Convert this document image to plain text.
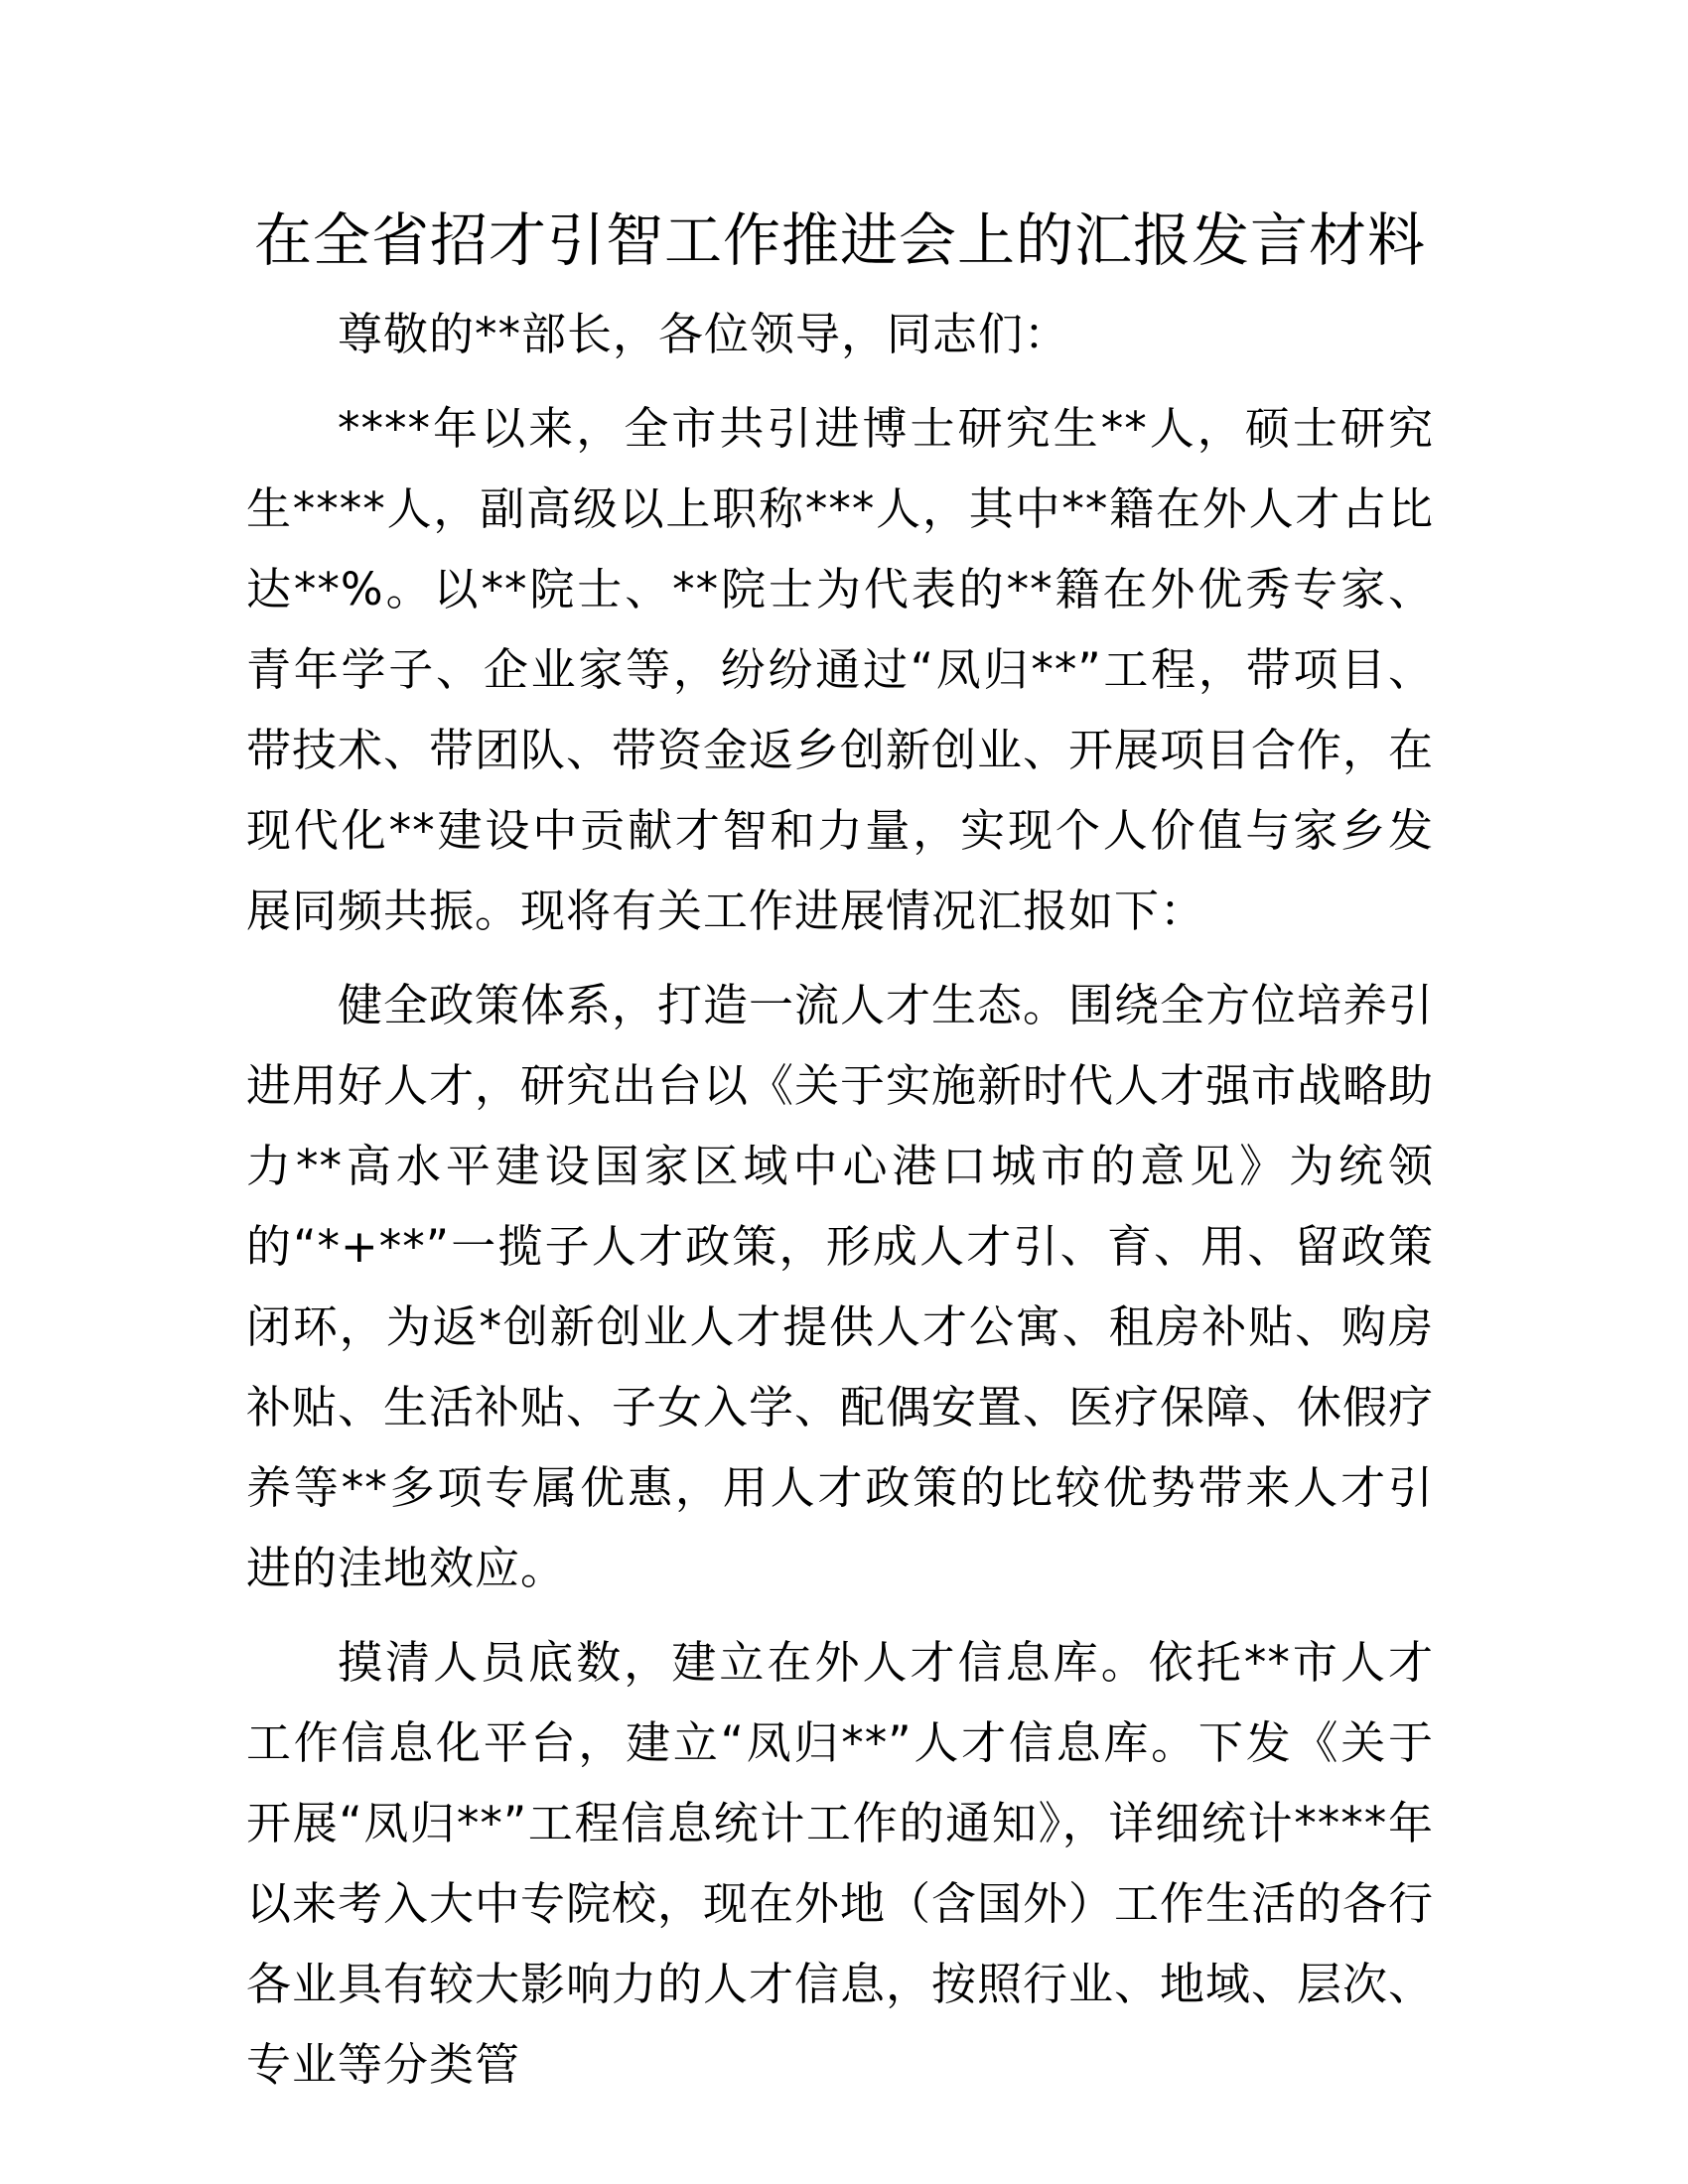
在全省招才引智工作推进会上的汇报发言材料

尊敬的**部长，各位领导，同志们：

****年以来，全市共引进博士研究生**人，硕士研究生****人，副高级以上职称***人，其中**籍在外人才占比达**%。以**院士、**院士为代表的**籍在外优秀专家、青年学子、企业家等，纷纷通过“凤归**”工程，带项目、带技术、带团队、带资金返乡创新创业、开展项目合作，在现代化**建设中贡献才智和力量，实现个人价值与家乡发展同频共振。现将有关工作进展情况汇报如下：

健全政策体系，打造一流人才生态。围绕全方位培养引进用好人才，研究出台以《关于实施新时代人才强市战略助力**高水平建设国家区域中心港口城市的意见》为统领的“*+**”一揽子人才政策，形成人才引、育、用、留政策闭环，为返*创新创业人才提供人才公寓、租房补贴、购房补贴、生活补贴、子女入学、配偶安置、医疗保障、休假疗养等**多项专属优惠，用人才政策的比较优势带来人才引进的洼地效应。

摸清人员底数，建立在外人才信息库。依托**市人才工作信息化平台，建立“凤归**”人才信息库。下发《关于开展“凤归**”工程信息统计工作的通知》，详细统计****年以来考入大中专院校，现在外地（含国外）工作生活的各行各业具有较大影响力的人才信息，按照行业、地域、层次、专业等分类管
